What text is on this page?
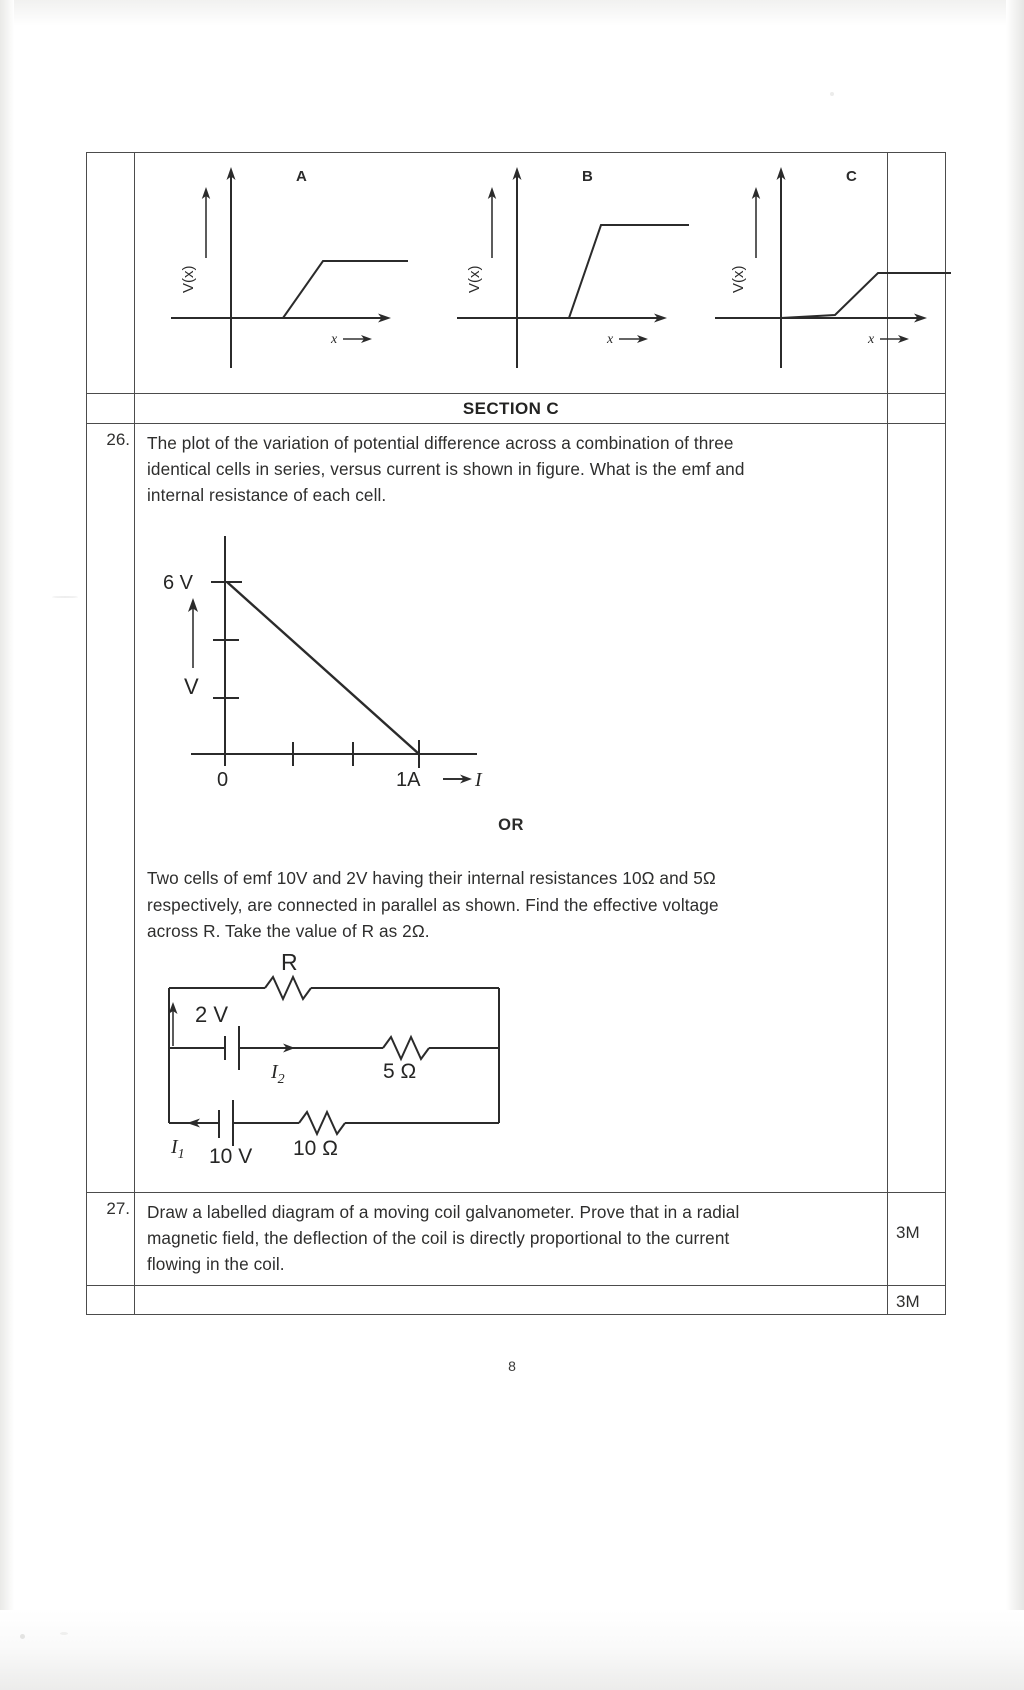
A
V(x)
x
B
V(x)
x
C
V(x)
x
SECTION C
26. The plot of the variation of potential difference across a combination of three
identical cells in series, versus current is shown in figure. What is the emf and
internal resistance of each cell.
6 V
V
0	1A	I
OR
Two cells of emf 10V and 2V having their internal resistances 10Ω and 5Ω
respectively, are connected in parallel as shown. Find the effective voltage
across R. Take the value of R as 2Ω.
R
2 V
$I_2$	5 Ω
$I_1$ 10 V 10 Ω
27. Draw a labelled diagram of a moving coil galvanometer. Prove that in a radial
magnetic field, the deflection of the coil is directly proportional to the current
flowing in the coil.
3M

3M
8
